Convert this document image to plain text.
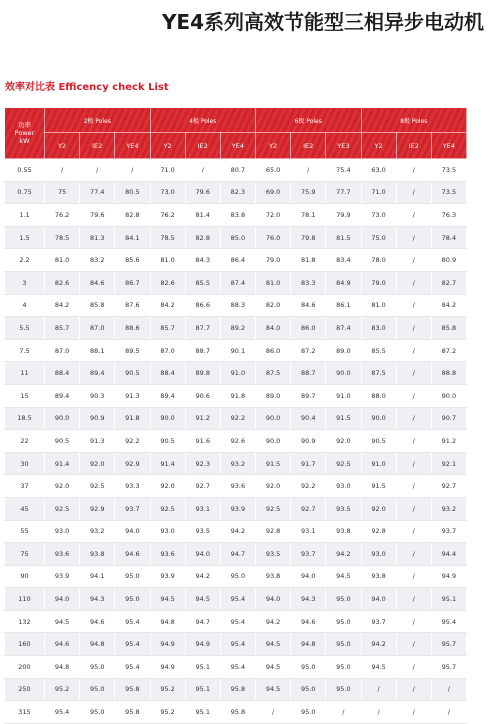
YE4系列高效节能型三相异步电动机
效率对比表 Efficency check List
功率
Power
kW	2极 Poles			4极 Poles			6极 Poles			8极 Poles		
	Y2	IE2	YE4	Y2	IE2	YE4	Y2	IE2	YE3	Y2	IE2	YE4
0.55	/	/	/	71.0	/	80.7	65.0	/	75.4	63.0	/	73.5
0.75	75	77.4	80.5	73.0	79.6	82.3	69.0	75.9	77.7	71.0	/	73.5
1.1	76.2	79.6	82.8	76.2	81.4	83.8	72.0	78.1	79.9	73.0	/	76.3
1.5	78.5	81.3	84.1	78.5	82.8	85.0	76.0	79.8	81.5	75.0	/	78.4
2.2	81.0	83.2	85.6	81.0	84.3	86.4	79.0	81.8	83.4	78.0	/	80.9
3	82.6	84.6	86.7	82.6	85.5	87.4	81.0	83.3	84.9	79.0	/	82.7
4	84.2	85.8	87.6	84.2	86.6	88.3	82.0	84.6	86.1	81.0	/	84.2
5.5	85.7	87.0	88.6	85.7	87.7	89.2	84.0	86.0	87.4	83.0	/	85.8
7.5	87.0	88.1	89.5	87.0	88.7	90.1	86.0	87.2	89.0	85.5	/	87.2
11	88.4	89.4	90.5	88.4	89.8	91.0	87.5	88.7	90.0	87.5	/	88.8
15	89.4	90.3	91.3	89.4	90.6	91.8	89.0	89.7	91.0	88.0	/	90.0
18.5	90.0	90.9	91.8	90.0	91.2	92.2	90.0	90.4	91.5	90.0	/	90.7
22	90.5	91.3	92.2	90.5	91.6	92.6	90.0	90.9	92.0	90.5	/	91.2
30	91.4	92.0	92.9	91.4	92.3	93.2	91.5	91.7	92.5	91.0	/	92.1
37	92.0	92.5	93.3	92.0	92.7	93.6	92.0	92.2	93.0	91.5	/	92.7
45	92.5	92.9	93.7	92.5	93.1	93.9	92.5	92.7	93.5	92.0	/	93.2
55	93.0	93.2	94.0	93.0	93.5	94.2	92.8	93.1	93.8	92.8	/	93.7
75	93.6	93.8	94.6	93.6	94.0	94.7	93.5	93.7	94.2	93.0	/	94.4
90	93.9	94.1	95.0	93.9	94.2	95.0	93.8	94.0	94.5	93.8	/	94.9
110	94.0	94.3	95.0	94.5	94.5	95.4	94.0	94.3	95.0	94.0	/	95.1
132	94.5	94.6	95.4	94.8	94.7	95.4	94.2	94.6	95.0	93.7	/	95.4
160	94.6	94.8	95.4	94.9	94.9	95.4	94.5	94.8	95.0	94.2	/	95.7
200	94.8	95.0	95.4	94.9	95.1	95.4	94.5	95.0	95.0	94.5	/	95.7
250	95.2	95.0	95.8	95.2	95.1	95.8	94.5	95.0	95.0	/	/	/
315	95.4	95.0	95.8	95.2	95.1	95.8	/	95.0	/	/	/	/
